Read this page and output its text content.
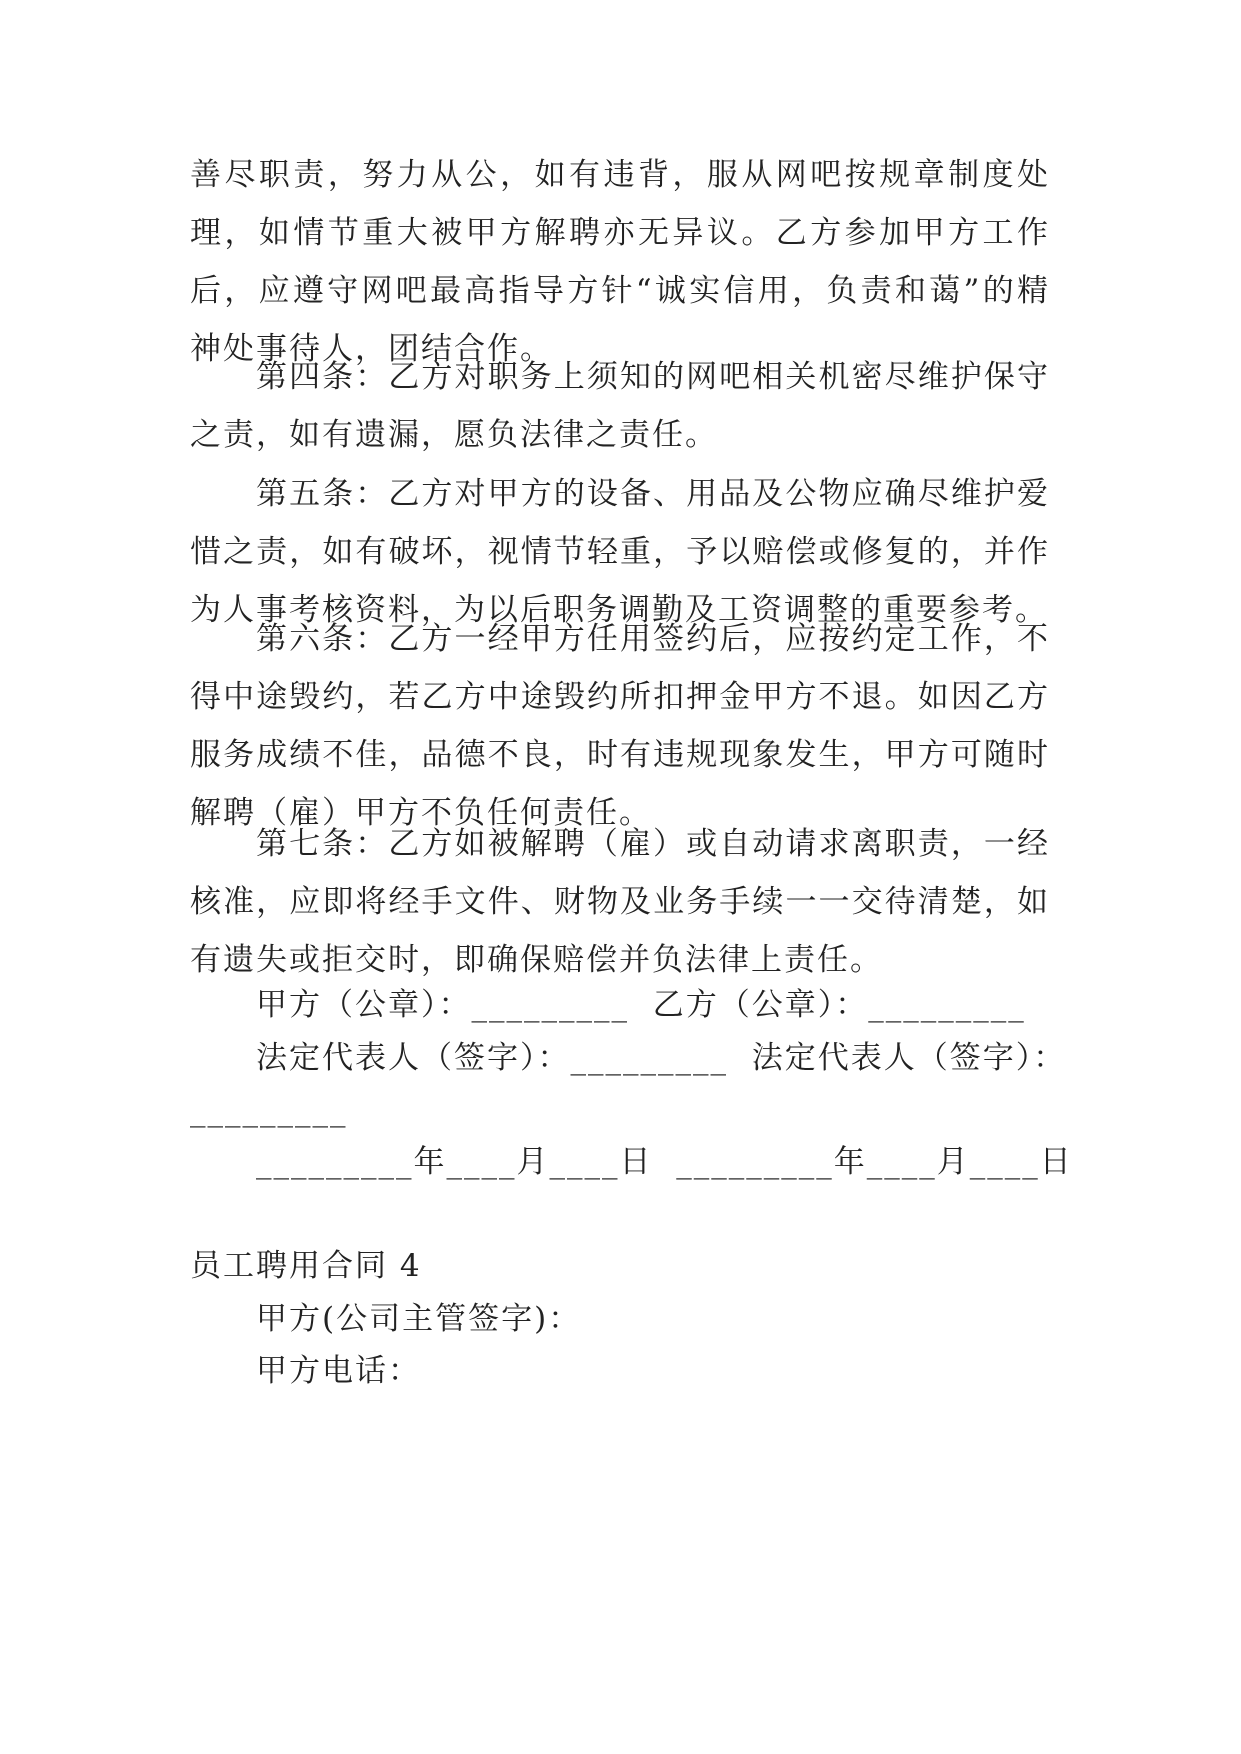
善尽职责，努力从公，如有违背，服从网吧按规章制度处理，如情节重大被甲方解聘亦无异议。乙方参加甲方工作后，应遵守网吧最高指导方针“诚实信用，负责和蔼”的精神处事待人，团结合作。

第四条：乙方对职务上须知的网吧相关机密尽维护保守之责，如有遗漏，愿负法律之责任。

第五条：乙方对甲方的设备、用品及公物应确尽维护爱惜之责，如有破坏，视情节轻重，予以赔偿或修复的，并作为人事考核资料，为以后职务调勤及工资调整的重要参考。

第六条：乙方一经甲方任用签约后，应按约定工作，不得中途毁约，若乙方中途毁约所扣押金甲方不退。如因乙方服务成绩不佳，品德不良，时有违规现象发生，甲方可随时解聘（雇）甲方不负任何责任。

第七条：乙方如被解聘（雇）或自动请求离职责，一经核准，应即将经手文件、财物及业务手续一一交待清楚，如有遗失或拒交时，即确保赔偿并负法律上责任。

甲方（公章）：_________  乙方（公章）：_________

法定代表人（签字）：_________  法定代表人（签字）：

_________

_________年____月____日  _________年____月____日

员工聘用合同 4

甲方(公司主管签字)：

甲方电话：
